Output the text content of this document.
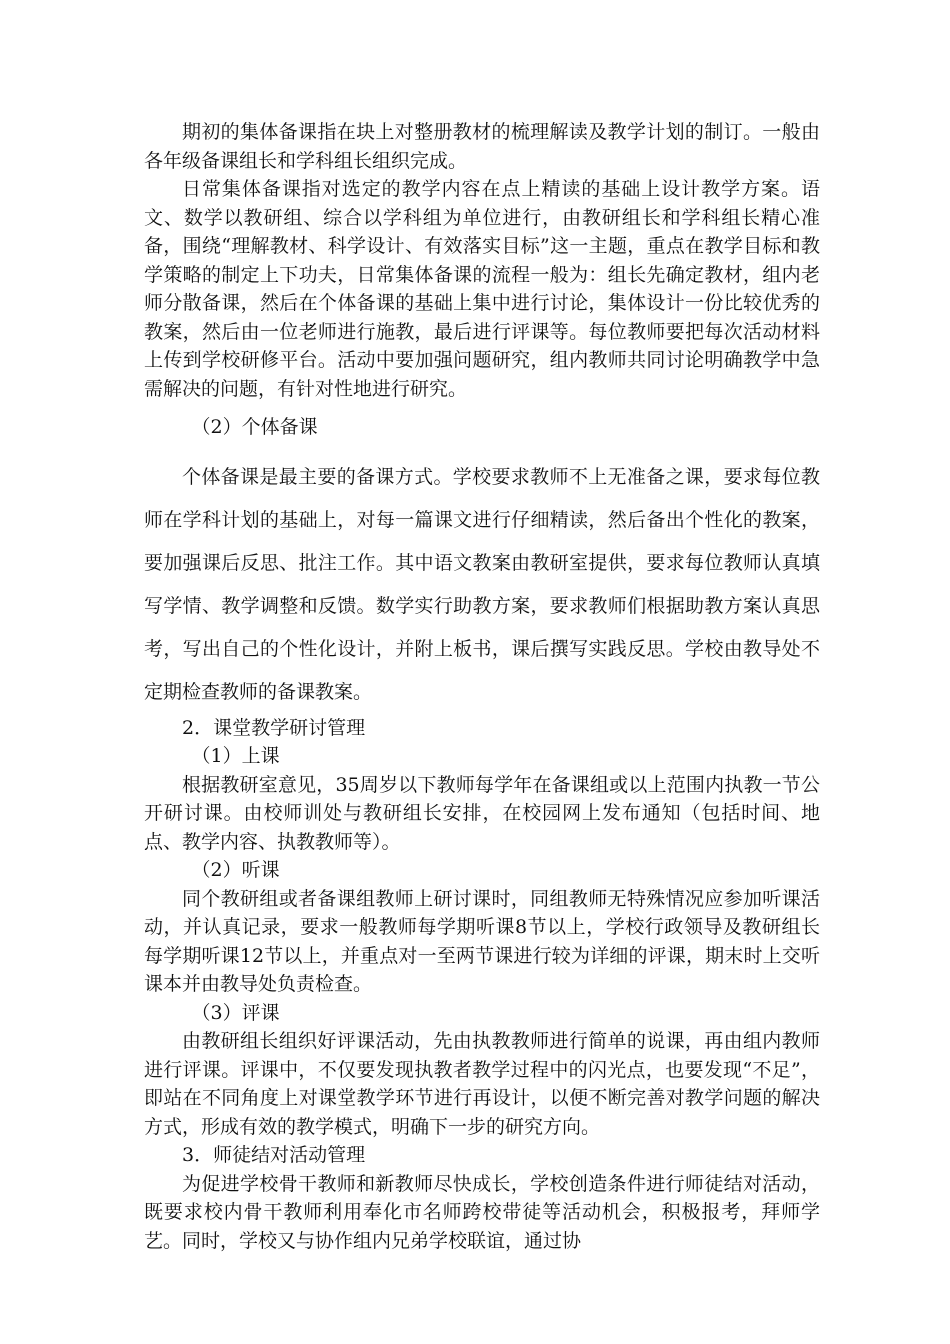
期初的集体备课指在块上对整册教材的梳理解读及教学计划的制订。一般由各年级备课组长和学科组长组织完成。

日常集体备课指对选定的教学内容在点上精读的基础上设计教学方案。语文、数学以教研组、综合以学科组为单位进行，由教研组长和学科组长精心准备，围绕“理解教材、科学设计、有效落实目标”这一主题，重点在教学目标和教学策略的制定上下功夫，日常集体备课的流程一般为：组长先确定教材，组内老师分散备课，然后在个体备课的基础上集中进行讨论，集体设计一份比较优秀的教案，然后由一位老师进行施教，最后进行评课等。每位教师要把每次活动材料上传到学校研修平台。活动中要加强问题研究，组内教师共同讨论明确教学中急需解决的问题，有针对性地进行研究。

（2）个体备课

个体备课是最主要的备课方式。学校要求教师不上无准备之课，要求每位教师在学科计划的基础上，对每一篇课文进行仔细精读，然后备出个性化的教案，要加强课后反思、批注工作。其中语文教案由教研室提供，要求每位教师认真填写学情、教学调整和反馈。数学实行助教方案，要求教师们根据助教方案认真思考，写出自己的个性化设计，并附上板书，课后撰写实践反思。学校由教导处不定期检查教师的备课教案。

2．课堂教学研讨管理

（1）上课

根据教研室意见，35周岁以下教师每学年在备课组或以上范围内执教一节公开研讨课。由校师训处与教研组长安排，在校园网上发布通知（包括时间、地点、教学内容、执教教师等）。

（2）听课

同个教研组或者备课组教师上研讨课时，同组教师无特殊情况应参加听课活动，并认真记录，要求一般教师每学期听课8节以上，学校行政领导及教研组长每学期听课12节以上，并重点对一至两节课进行较为详细的评课，期末时上交听课本并由教导处负责检查。

（3）评课

由教研组长组织好评课活动，先由执教教师进行简单的说课，再由组内教师进行评课。评课中，不仅要发现执教者教学过程中的闪光点，也要发现“不足”，即站在不同角度上对课堂教学环节进行再设计，以便不断完善对教学问题的解决方式，形成有效的教学模式，明确下一步的研究方向。

3．师徒结对活动管理

为促进学校骨干教师和新教师尽快成长，学校创造条件进行师徒结对活动，既要求校内骨干教师利用奉化市名师跨校带徒等活动机会，积极报考，拜师学艺。同时，学校又与协作组内兄弟学校联谊，通过协
